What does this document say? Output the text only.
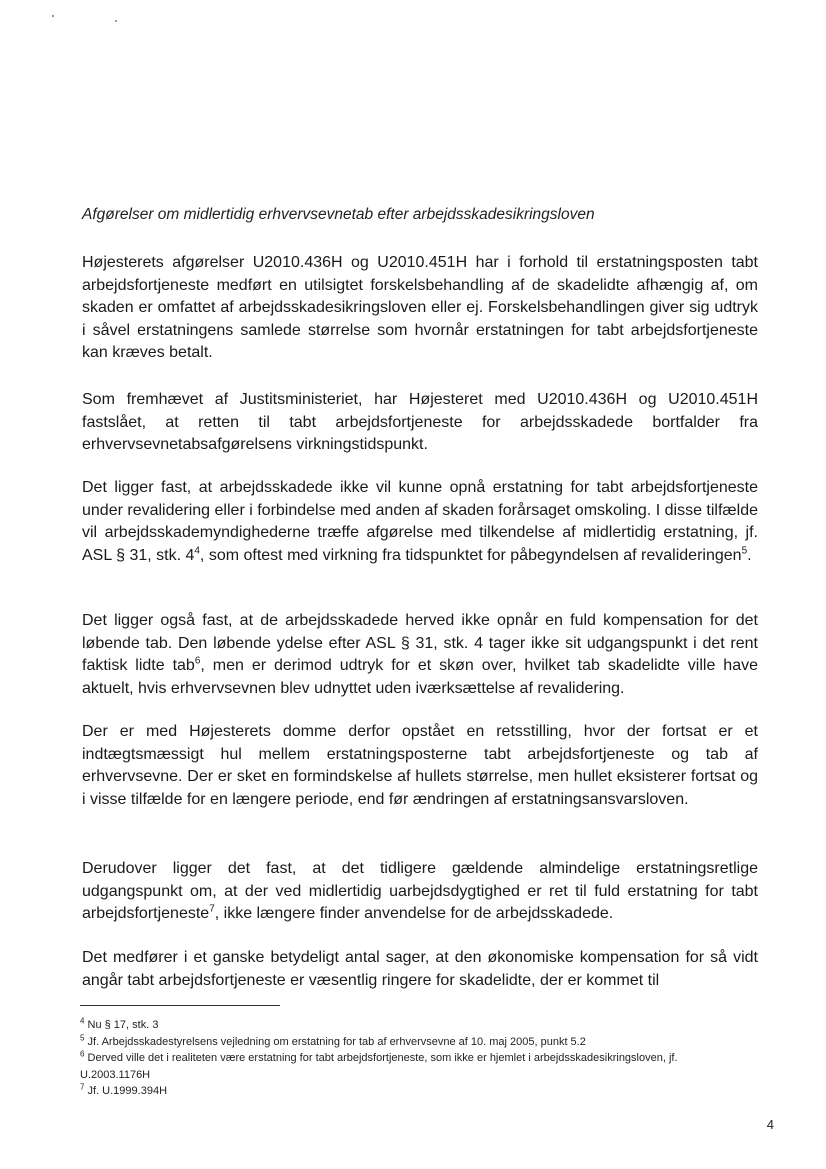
Afgørelser om midlertidig erhvervsevnetab efter arbejdsskadesikringsloven

Højesterets afgørelser U2010.436H og U2010.451H har i forhold til erstatningsposten tabt arbejdsfortjeneste medført en utilsigtet forskelsbehandling af de skadelidte afhængig af, om skaden er omfattet af arbejdsskadesikringsloven eller ej. Forskelsbehandlingen giver sig udtryk i såvel erstatningens samlede størrelse som hvornår erstatningen for tabt arbejdsfortjeneste kan kræves betalt.

Som fremhævet af Justitsministeriet, har Højesteret med U2010.436H og U2010.451H fastslået, at retten til tabt arbejdsfortjeneste for arbejdsskadede bortfalder fra erhvervsevnetabsafgørelsens virkningstidspunkt.

Det ligger fast, at arbejdsskadede ikke vil kunne opnå erstatning for tabt arbejdsfortjeneste under revalidering eller i forbindelse med anden af skaden forårsaget omskoling. I disse tilfælde vil arbejdsskademyndighederne træffe afgørelse med tilkendelse af midlertidig erstatning, jf. ASL § 31, stk. $4^4$, som oftest med virkning fra tidspunktet for påbegyndelsen af revalideringen$^5$.

Det ligger også fast, at de arbejdsskadede herved ikke opnår en fuld kompensation for det løbende tab. Den løbende ydelse efter ASL § 31, stk. 4 tager ikke sit udgangspunkt i det rent faktisk lidte tab$^6$, men er derimod udtryk for et skøn over, hvilket tab skadelidte ville have aktuelt, hvis erhvervsevnen blev udnyttet uden iværksættelse af revalidering.

Der er med Højesterets domme derfor opstået en retsstilling, hvor der fortsat er et indtægtsmæssigt hul mellem erstatningsposterne tabt arbejdsfortjeneste og tab af erhvervsevne. Der er sket en formindskelse af hullets størrelse, men hullet eksisterer fortsat og i visse tilfælde for en længere periode, end før ændringen af erstatningsansvarsloven.

Derudover ligger det fast, at det tidligere gældende almindelige erstatningsretlige udgangspunkt om, at der ved midlertidig uarbejdsdygtighed er ret til fuld erstatning for tabt arbejdsfortjeneste$^7$, ikke længere finder anvendelse for de arbejdsskadede.

Det medfører i et ganske betydeligt antal sager, at den økonomiske kompensation for så vidt angår tabt arbejdsfortjeneste er væsentlig ringere for skadelidte, der er kommet til

$^4$ Nu § 17, stk. 3
$^5$ Jf. Arbejdsskadestyrelsens vejledning om erstatning for tab af erhvervsevne af 10. maj 2005, punkt 5.2
$^6$ Derved ville det i realiteten være erstatning for tabt arbejdsfortjeneste, som ikke er hjemlet i arbejdsskadesikringsloven, jf. U.2003.1176H
$^7$ Jf. U.1999.394H
4
